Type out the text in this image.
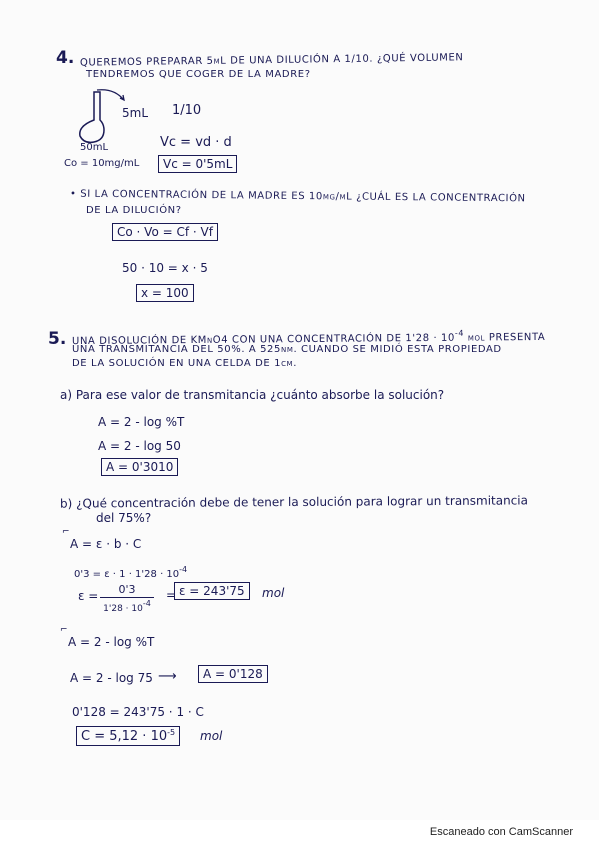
4. QUEREMOS PREPARAR 5mL DE UNA DILUCIÓN A 1/10. ¿QUÉ VOLUMEN
TENDREMOS QUE COGER DE LA MADRE?
5mL 1/10
50mL
Co = 10mg/mL
Vc = vd · d
Vc = 0'5mL
• SI LA CONCENTRACIÓN DE LA MADRE ES 10mg/mL ¿CUÁL ES LA CONCENTRACIÓN
DE LA DILUCIÓN?
Co · Vo = Cf · Vf
50 · 10 = x · 5
x = 100
5. UNA DISOLUCIÓN DE KMnO4 CON UNA CONCENTRACIÓN DE $1'28 \cdot 10^{-4}$ mol PRESENTA
UNA TRANSMITANCIA DEL 50%. A 525nm. CUANDO SE MIDIÓ ESTA PROPIEDAD
DE LA SOLUCIÓN EN UNA CELDA DE 1cm.
a) Para ese valor de transmitancia ¿cuánto absorbe la solución?
A = 2 - log %T
A = 2 - log 50
A = 0'3010
b) ¿Qué concentración debe de tener la solución para lograr un transmitancia
del 75%?
⌐
A = ε · b · C
$0'3 = \varepsilon \cdot 1 \cdot 1'28 \cdot 10^{-4}$
ε =	0'3
$1'28 \cdot 10^{-4}$
= ε = 243'75	mol
⌐
A = 2 - log %T
A = 2 - log 75 ⟶	A = 0'128
0'128 = 243'75 · 1 · C
$C = 5,12 \cdot 10^{-5}$	mol
Escaneado con CamScanner
